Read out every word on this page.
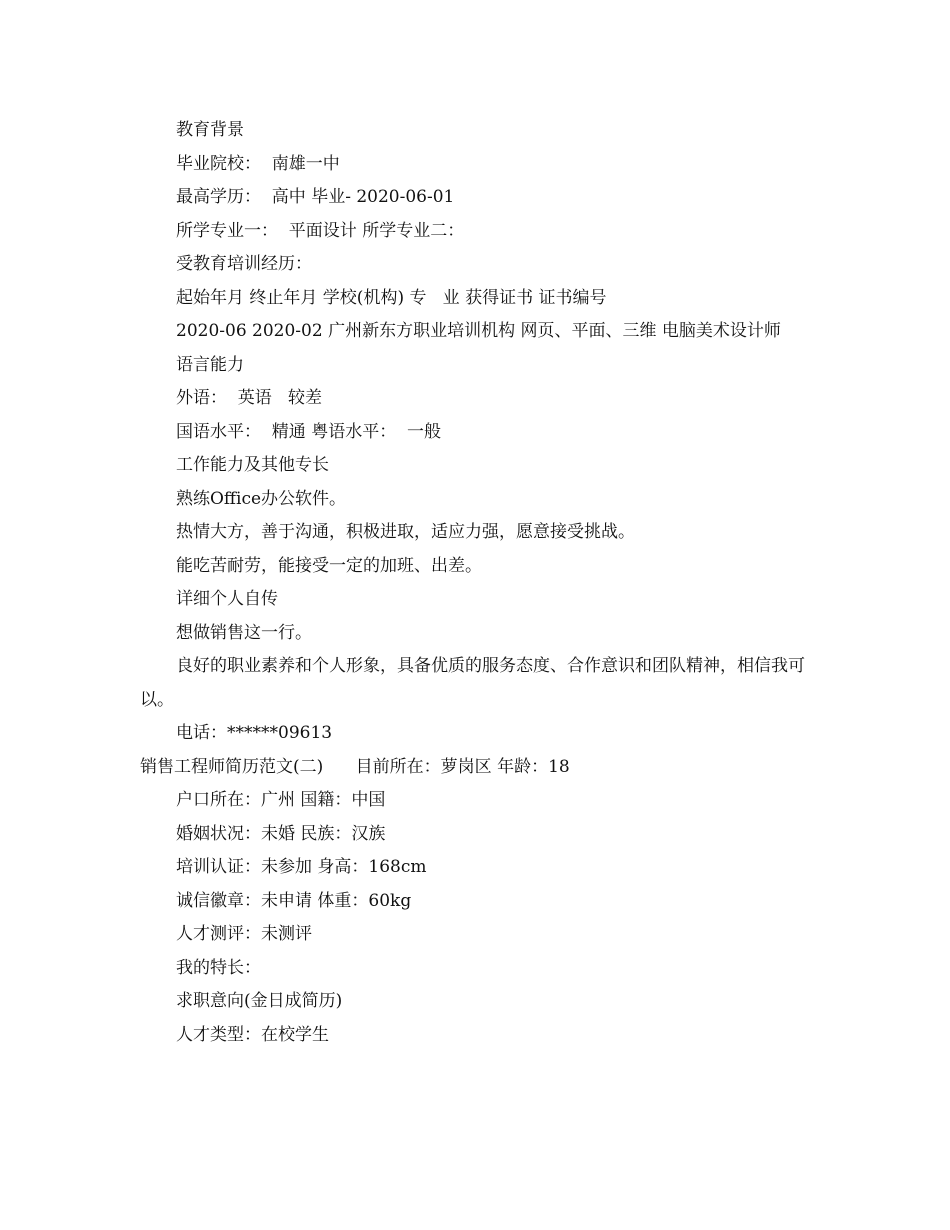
教育背景

毕业院校：  南雄一中

最高学历：  高中 毕业- 2020-06-01

所学专业一：  平面设计 所学专业二：

受教育培训经历：

起始年月 终止年月 学校(机构) 专   业 获得证书 证书编号

2020-06 2020-02 广州新东方职业培训机构 网页、平面、三维 电脑美术设计师

语言能力

外语：  英语   较差

国语水平：  精通 粤语水平：  一般

工作能力及其他专长

熟练Office办公软件。

热情大方，善于沟通，积极进取，适应力强，愿意接受挑战。

能吃苦耐劳，能接受一定的加班、出差。

详细个人自传

想做销售这一行。

良好的职业素养和个人形象，具备优质的服务态度、合作意识和团队精神，相信我可以。

电话：******09613

销售工程师简历范文(二)      目前所在：萝岗区 年龄：18

户口所在：广州 国籍：中国

婚姻状况：未婚 民族：汉族

培训认证：未参加 身高：168cm

诚信徽章：未申请 体重：60kg

人才测评：未测评

我的特长：

求职意向(金日成简历)

人才类型：在校学生
